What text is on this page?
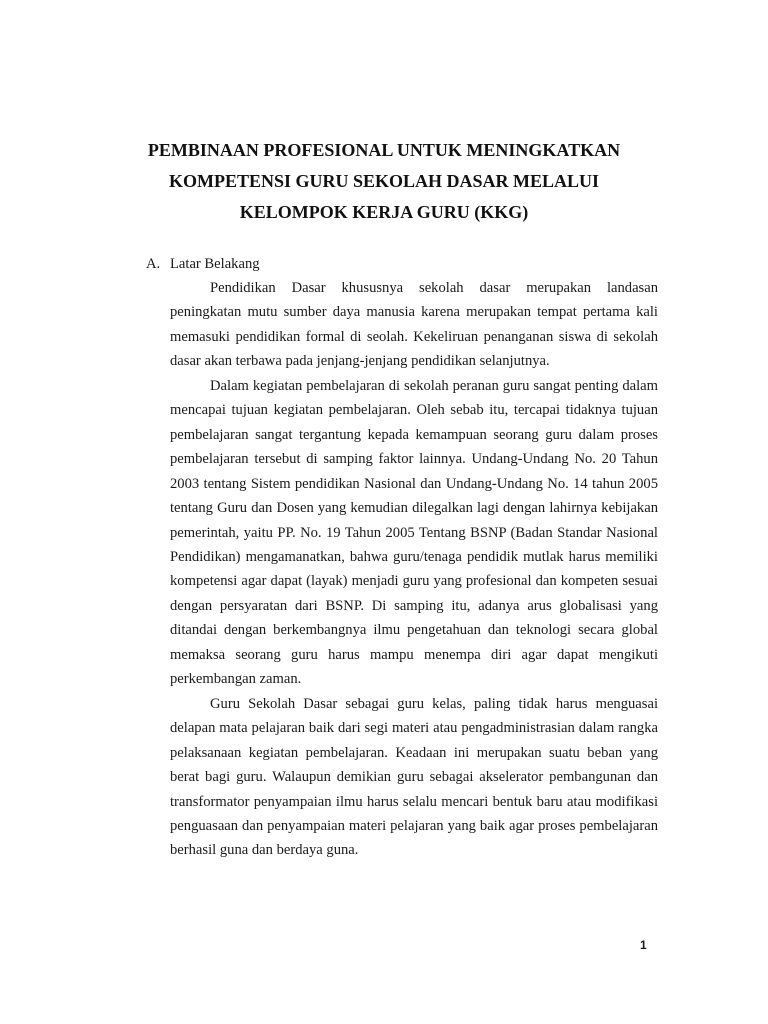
PEMBINAAN PROFESIONAL UNTUK MENINGKATKAN
KOMPETENSI GURU SEKOLAH DASAR MELALUI
KELOMPOK KERJA GURU (KKG)
A. Latar Belakang

Pendidikan Dasar khususnya sekolah dasar merupakan landasan peningkatan mutu sumber daya manusia karena merupakan tempat pertama kali memasuki pendidikan formal di seolah. Kekeliruan penanganan siswa di sekolah dasar akan terbawa pada jenjang-jenjang pendidikan selanjutnya.

Dalam kegiatan pembelajaran di sekolah peranan guru sangat penting dalam mencapai tujuan kegiatan pembelajaran. Oleh sebab itu, tercapai tidaknya tujuan pembelajaran sangat tergantung kepada kemampuan seorang guru dalam proses pembelajaran tersebut di samping faktor lainnya. Undang-Undang No. 20 Tahun 2003 tentang Sistem pendidikan Nasional dan Undang-Undang No. 14 tahun 2005 tentang Guru dan Dosen yang kemudian dilegalkan lagi dengan lahirnya kebijakan pemerintah, yaitu PP. No. 19 Tahun 2005 Tentang BSNP (Badan Standar Nasional Pendidikan) mengamanatkan, bahwa guru/tenaga pendidik mutlak harus memiliki kompetensi agar dapat (layak) menjadi guru yang profesional dan kompeten sesuai dengan persyaratan dari BSNP. Di samping itu, adanya arus globalisasi yang ditandai dengan berkembangnya ilmu pengetahuan dan teknologi secara global memaksa seorang guru harus mampu menempa diri agar dapat mengikuti perkembangan zaman.

Guru Sekolah Dasar sebagai guru kelas, paling tidak harus menguasai delapan mata pelajaran baik dari segi materi atau pengadministrasian dalam rangka pelaksanaan kegiatan pembelajaran. Keadaan ini merupakan suatu beban yang berat bagi guru. Walaupun demikian guru sebagai akselerator pembangunan dan transformator penyampaian ilmu harus selalu mencari bentuk baru atau modifikasi penguasaan dan penyampaian materi pelajaran yang baik agar proses pembelajaran berhasil guna dan berdaya guna.

1
